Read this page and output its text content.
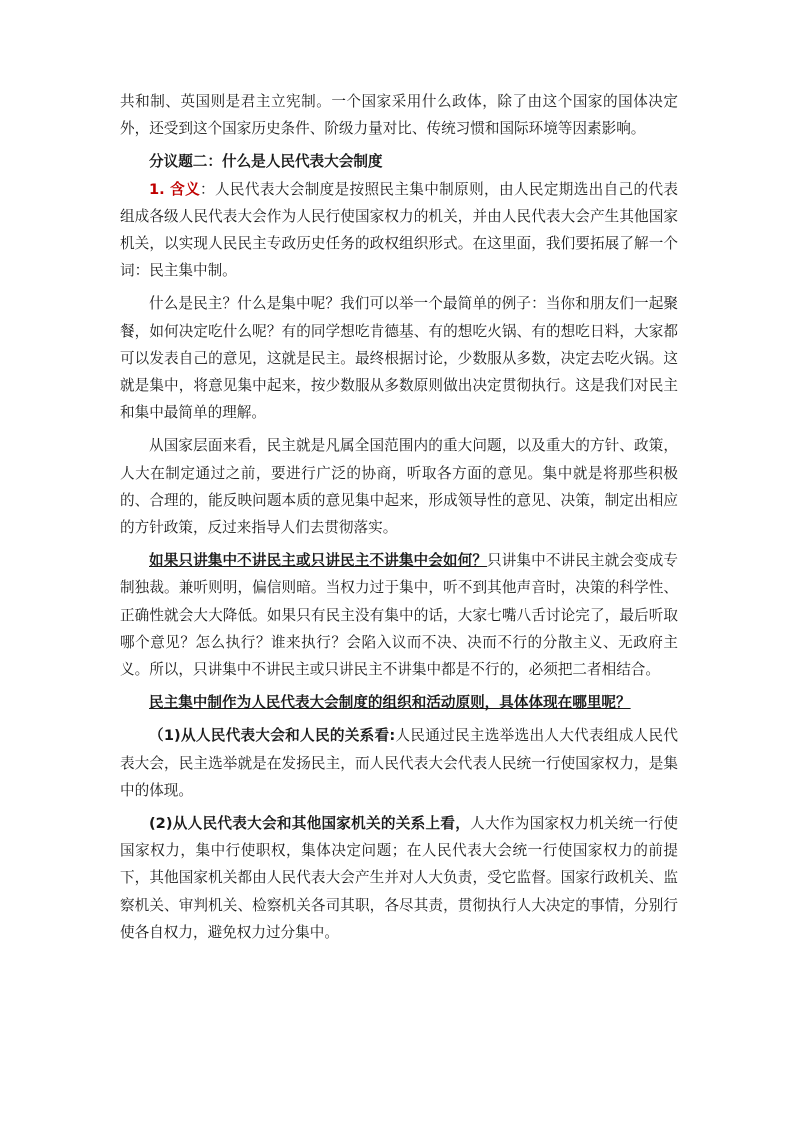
共和制、英国则是君主立宪制。一个国家采用什么政体，除了由这个国家的国体决定外，还受到这个国家历史条件、阶级力量对比、传统习惯和国际环境等因素影响。

分议题二：什么是人民代表大会制度

1. 含义：人民代表大会制度是按照民主集中制原则，由人民定期选出自己的代表组成各级人民代表大会作为人民行使国家权力的机关，并由人民代表大会产生其他国家机关，以实现人民民主专政历史任务的政权组织形式。在这里面，我们要拓展了解一个词：民主集中制。

什么是民主？什么是集中呢？我们可以举一个最简单的例子：当你和朋友们一起聚餐，如何决定吃什么呢？有的同学想吃肯德基、有的想吃火锅、有的想吃日料，大家都可以发表自己的意见，这就是民主。最终根据讨论，少数服从多数，决定去吃火锅。这就是集中，将意见集中起来，按少数服从多数原则做出决定贯彻执行。这是我们对民主和集中最简单的理解。

从国家层面来看，民主就是凡属全国范围内的重大问题，以及重大的方针、政策，人大在制定通过之前，要进行广泛的协商，听取各方面的意见。集中就是将那些积极的、合理的，能反映问题本质的意见集中起来，形成领导性的意见、决策，制定出相应的方针政策，反过来指导人们去贯彻落实。

如果只讲集中不讲民主或只讲民主不讲集中会如何？只讲集中不讲民主就会变成专制独裁。兼听则明，偏信则暗。当权力过于集中，听不到其他声音时，决策的科学性、正确性就会大大降低。如果只有民主没有集中的话，大家七嘴八舌讨论完了，最后听取哪个意见？怎么执行？谁来执行？会陷入议而不决、决而不行的分散主义、无政府主义。所以，只讲集中不讲民主或只讲民主不讲集中都是不行的，必须把二者相结合。

民主集中制作为人民代表大会制度的组织和活动原则，具体体现在哪里呢？

（1)从人民代表大会和人民的关系看:人民通过民主选举选出人大代表组成人民代表大会，民主选举就是在发扬民主，而人民代表大会代表人民统一行使国家权力，是集中的体现。

(2)从人民代表大会和其他国家机关的关系上看，人大作为国家权力机关统一行使国家权力，集中行使职权，集体决定问题；在人民代表大会统一行使国家权力的前提下，其他国家机关都由人民代表大会产生并对人大负责，受它监督。国家行政机关、监察机关、审判机关、检察机关各司其职，各尽其责，贯彻执行人大决定的事情，分别行使各自权力，避免权力过分集中。
